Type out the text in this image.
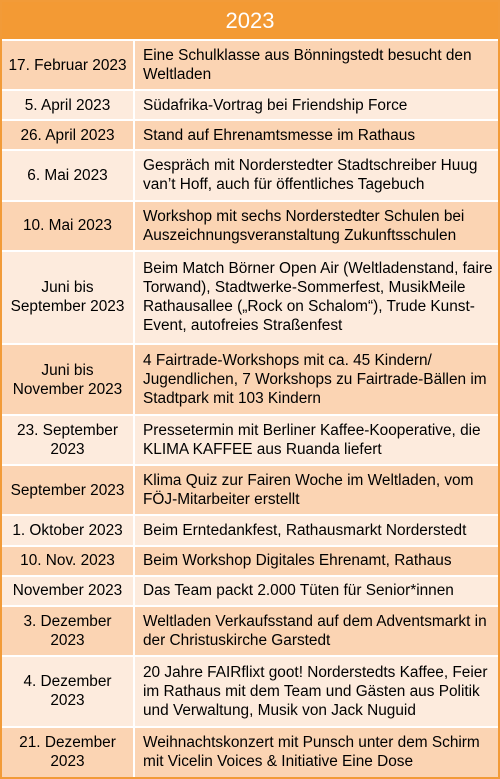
2023	
17. Februar 2023	Eine Schulklasse aus Bönningstedt besucht den Weltladen
5. April 2023	Südafrika-Vortrag bei Friendship Force
26. April 2023	Stand auf Ehrenamtsmesse im Rathaus
6. Mai 2023	Gespräch mit Norderstedter Stadtschreiber Huug van’t Hoff, auch für öffentliches Tagebuch
10. Mai 2023	Workshop mit sechs Norderstedter Schulen bei Auszeichnungsveranstaltung Zukunftsschulen
Juni bis September 2023	Beim Match Börner Open Air (Weltladenstand, faire Torwand), Stadtwerke-Sommerfest, MusikMeile Rathausallee („Rock on Schalom“), Trude Kunst-Event, autofreies Straßenfest
Juni bis November 2023	4 Fairtrade-Workshops mit ca. 45 Kindern/ Jugendlichen, 7 Workshops zu Fairtrade-Bällen im Stadtpark mit 103 Kindern
23. September 2023	Pressetermin mit Berliner Kaffee-Kooperative, die KLIMA KAFFEE aus Ruanda liefert
September 2023	Klima Quiz zur Fairen Woche im Weltladen, vom FÖJ-Mitarbeiter erstellt
1. Oktober 2023	Beim Erntedankfest, Rathausmarkt Norderstedt
10. Nov. 2023	Beim Workshop Digitales Ehrenamt, Rathaus
November 2023	Das Team packt 2.000 Tüten für Senior*innen
3. Dezember 2023	Weltladen Verkaufsstand auf dem Adventsmarkt in der Christuskirche Garstedt
4. Dezember 2023	20 Jahre FAIRflixt goot! Norderstedts Kaffee, Feier im Rathaus mit dem Team und Gästen aus Politik und Verwaltung, Musik von Jack Nuguid
21. Dezember 2023	Weihnachtskonzert mit Punsch unter dem Schirm mit Vicelin Voices & Initiative Eine Dose
